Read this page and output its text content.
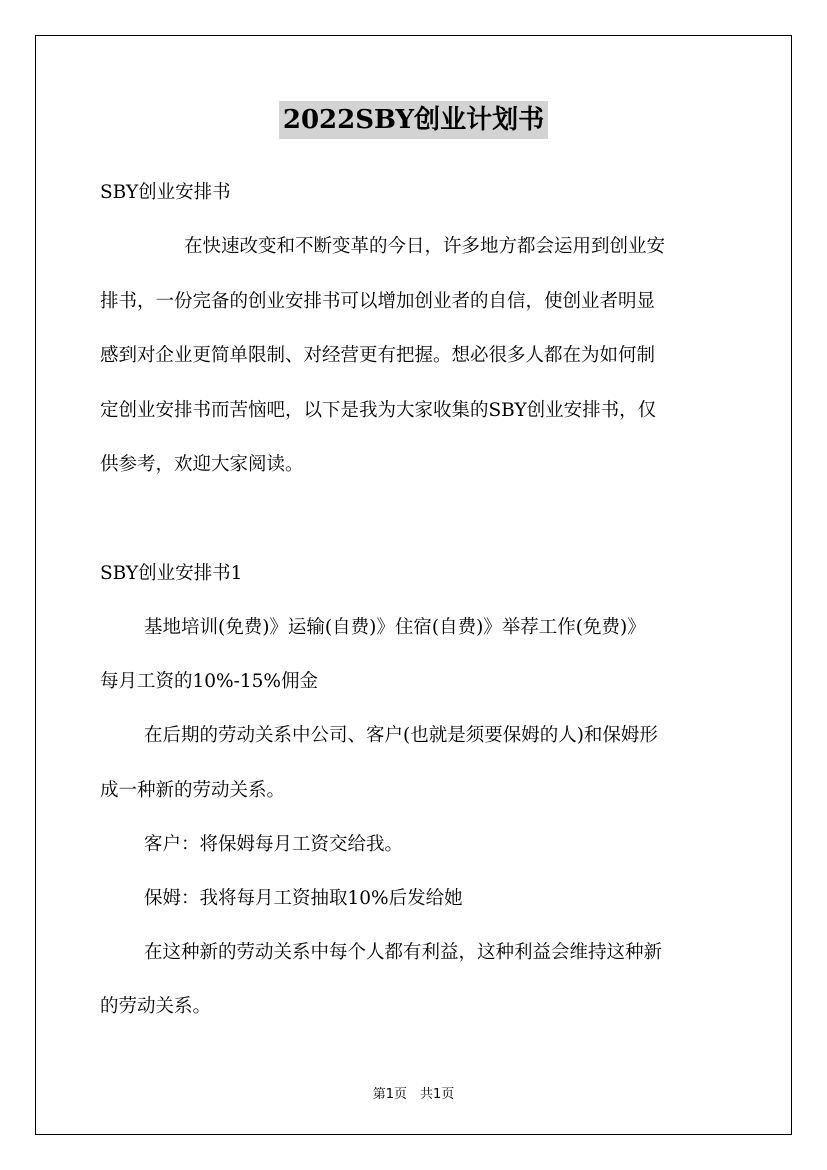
2022SBY创业计划书
SBY创业安排书
在快速改变和不断变革的今日，许多地方都会运用到创业安
排书，一份完备的创业安排书可以增加创业者的自信，使创业者明显
感到对企业更简单限制、对经营更有把握。想必很多人都在为如何制
定创业安排书而苦恼吧，以下是我为大家收集的SBY创业安排书，仅
供参考，欢迎大家阅读。
SBY创业安排书1
基地培训(免费)》运输(自费)》住宿(自费)》举荐工作(免费)》
每月工资的10%-15%佣金
在后期的劳动关系中公司、客户(也就是须要保姆的人)和保姆形
成一种新的劳动关系。
客户：将保姆每月工资交给我。
保姆：我将每月工资抽取10%后发给她
在这种新的劳动关系中每个人都有利益，这种利益会维持这种新
的劳动关系。
第1页　共1页
